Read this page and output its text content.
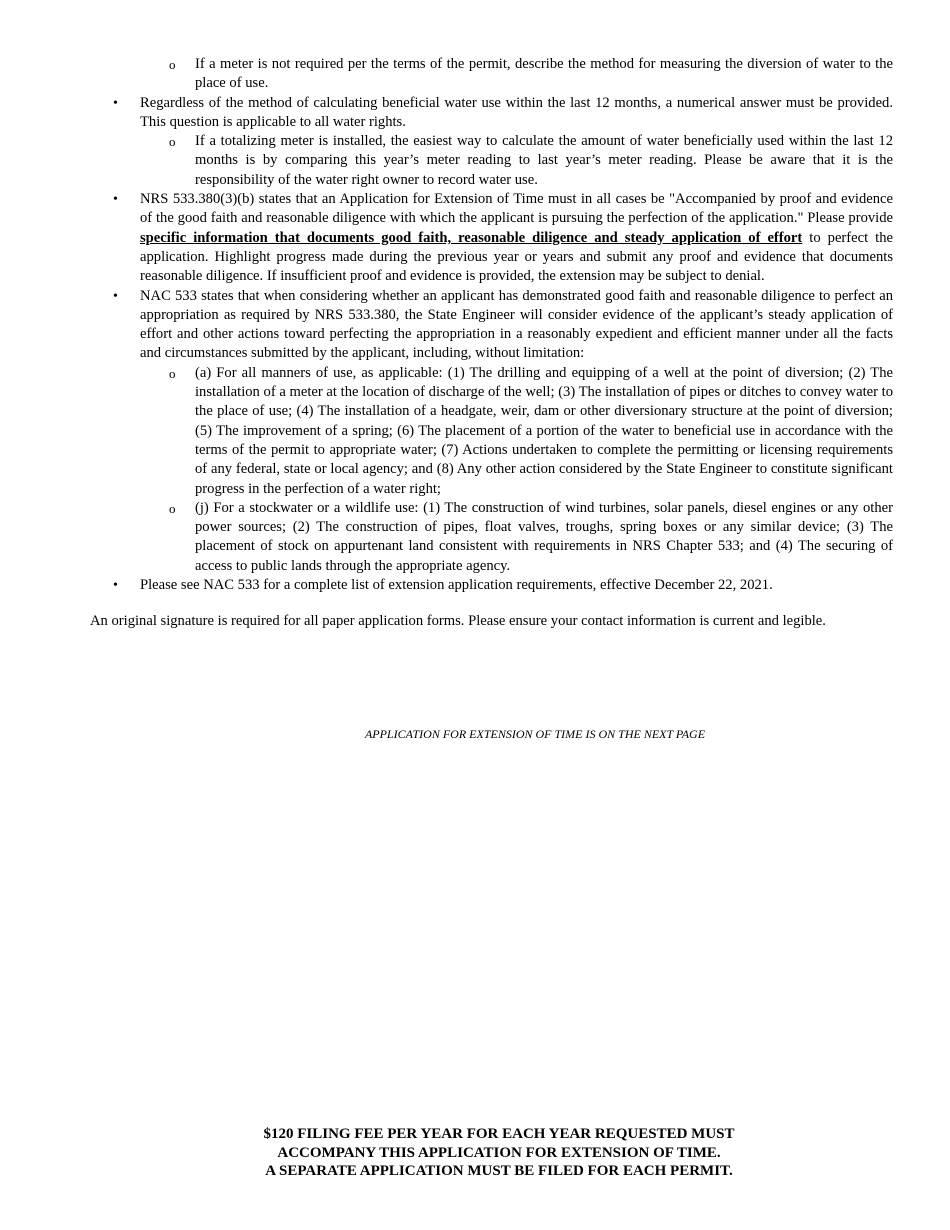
o If a meter is not required per the terms of the permit, describe the method for measuring the diversion of water to the place of use.
• Regardless of the method of calculating beneficial water use within the last 12 months, a numerical answer must be provided. This question is applicable to all water rights.
o If a totalizing meter is installed, the easiest way to calculate the amount of water beneficially used within the last 12 months is by comparing this year’s meter reading to last year’s meter reading. Please be aware that it is the responsibility of the water right owner to record water use.
• NRS 533.380(3)(b) states that an Application for Extension of Time must in all cases be "Accompanied by proof and evidence of the good faith and reasonable diligence with which the applicant is pursuing the perfection of the application." Please provide specific information that documents good faith, reasonable diligence and steady application of effort to perfect the application. Highlight progress made during the previous year or years and submit any proof and evidence that documents reasonable diligence. If insufficient proof and evidence is provided, the extension may be subject to denial.
• NAC 533 states that when considering whether an applicant has demonstrated good faith and reasonable diligence to perfect an appropriation as required by NRS 533.380, the State Engineer will consider evidence of the applicant’s steady application of effort and other actions toward perfecting the appropriation in a reasonably expedient and efficient manner under all the facts and circumstances submitted by the applicant, including, without limitation:
o (a) For all manners of use, as applicable: (1) The drilling and equipping of a well at the point of diversion; (2) The installation of a meter at the location of discharge of the well; (3) The installation of pipes or ditches to convey water to the place of use; (4) The installation of a headgate, weir, dam or other diversionary structure at the point of diversion; (5) The improvement of a spring; (6) The placement of a portion of the water to beneficial use in accordance with the terms of the permit to appropriate water; (7) Actions undertaken to complete the permitting or licensing requirements of any federal, state or local agency; and (8) Any other action considered by the State Engineer to constitute significant progress in the perfection of a water right;
o (j) For a stockwater or a wildlife use: (1) The construction of wind turbines, solar panels, diesel engines or any other power sources; (2) The construction of pipes, float valves, troughs, spring boxes or any similar device; (3) The placement of stock on appurtenant land consistent with requirements in NRS Chapter 533; and (4) The securing of access to public lands through the appropriate agency.
• Please see NAC 533 for a complete list of extension application requirements, effective December 22, 2021.
An original signature is required for all paper application forms. Please ensure your contact information is current and legible.
APPLICATION FOR EXTENSION OF TIME IS ON THE NEXT PAGE
$120 FILING FEE PER YEAR FOR EACH YEAR REQUESTED MUST
ACCOMPANY THIS APPLICATION FOR EXTENSION OF TIME.
A SEPARATE APPLICATION MUST BE FILED FOR EACH PERMIT.
